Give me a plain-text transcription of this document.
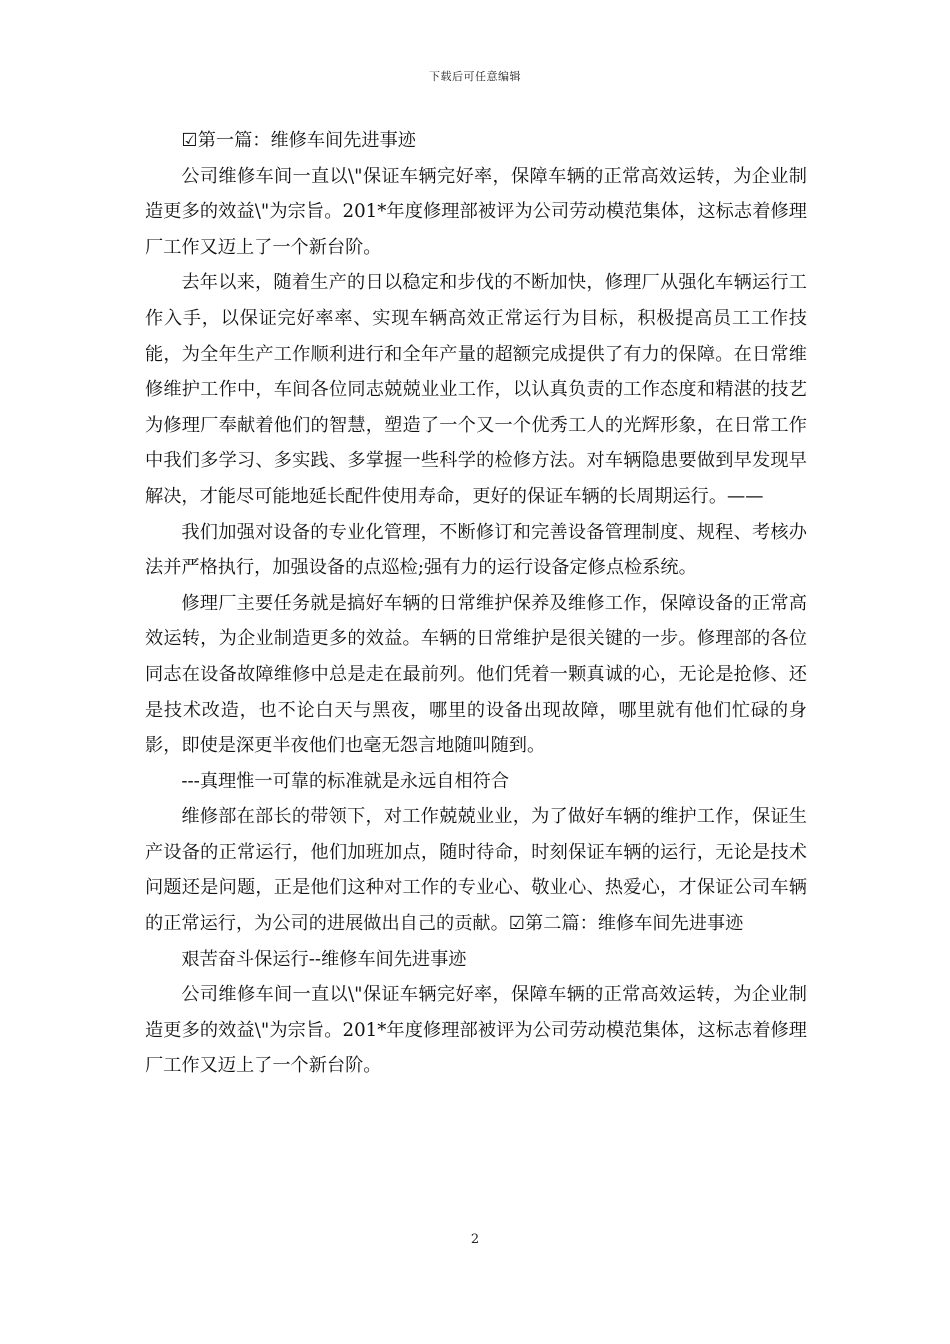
下载后可任意编辑

☑第一篇：维修车间先进事迹

公司维修车间一直以\"保证车辆完好率，保障车辆的正常高效运转，为企业制造更多的效益\"为宗旨。201*年度修理部被评为公司劳动模范集体，这标志着修理厂工作又迈上了一个新台阶。

去年以来，随着生产的日以稳定和步伐的不断加快，修理厂从强化车辆运行工作入手，以保证完好率率、实现车辆高效正常运行为目标，积极提高员工工作技能，为全年生产工作顺利进行和全年产量的超额完成提供了有力的保障。在日常维修维护工作中，车间各位同志兢兢业业工作，以认真负责的工作态度和精湛的技艺为修理厂奉献着他们的智慧，塑造了一个又一个优秀工人的光辉形象，在日常工作中我们多学习、多实践、多掌握一些科学的检修方法。对车辆隐患要做到早发现早解决，才能尽可能地延长配件使用寿命，更好的保证车辆的长周期运行。——

我们加强对设备的专业化管理，不断修订和完善设备管理制度、规程、考核办法并严格执行，加强设备的点巡检;强有力的运行设备定修点检系统。

修理厂主要任务就是搞好车辆的日常维护保养及维修工作，保障设备的正常高效运转，为企业制造更多的效益。车辆的日常维护是很关键的一步。修理部的各位同志在设备故障维修中总是走在最前列。他们凭着一颗真诚的心，无论是抢修、还是技术改造，也不论白天与黑夜，哪里的设备出现故障，哪里就有他们忙碌的身影，即使是深更半夜他们也毫无怨言地随叫随到。

---真理惟一可靠的标准就是永远自相符合

维修部在部长的带领下，对工作兢兢业业，为了做好车辆的维护工作，保证生产设备的正常运行，他们加班加点，随时待命，时刻保证车辆的运行，无论是技术问题还是问题，正是他们这种对工作的专业心、敬业心、热爱心，才保证公司车辆的正常运行，为公司的进展做出自己的贡献。☑第二篇：维修车间先进事迹

艰苦奋斗保运行--维修车间先进事迹

公司维修车间一直以\"保证车辆完好率，保障车辆的正常高效运转，为企业制造更多的效益\"为宗旨。201*年度修理部被评为公司劳动模范集体，这标志着修理厂工作又迈上了一个新台阶。

2
